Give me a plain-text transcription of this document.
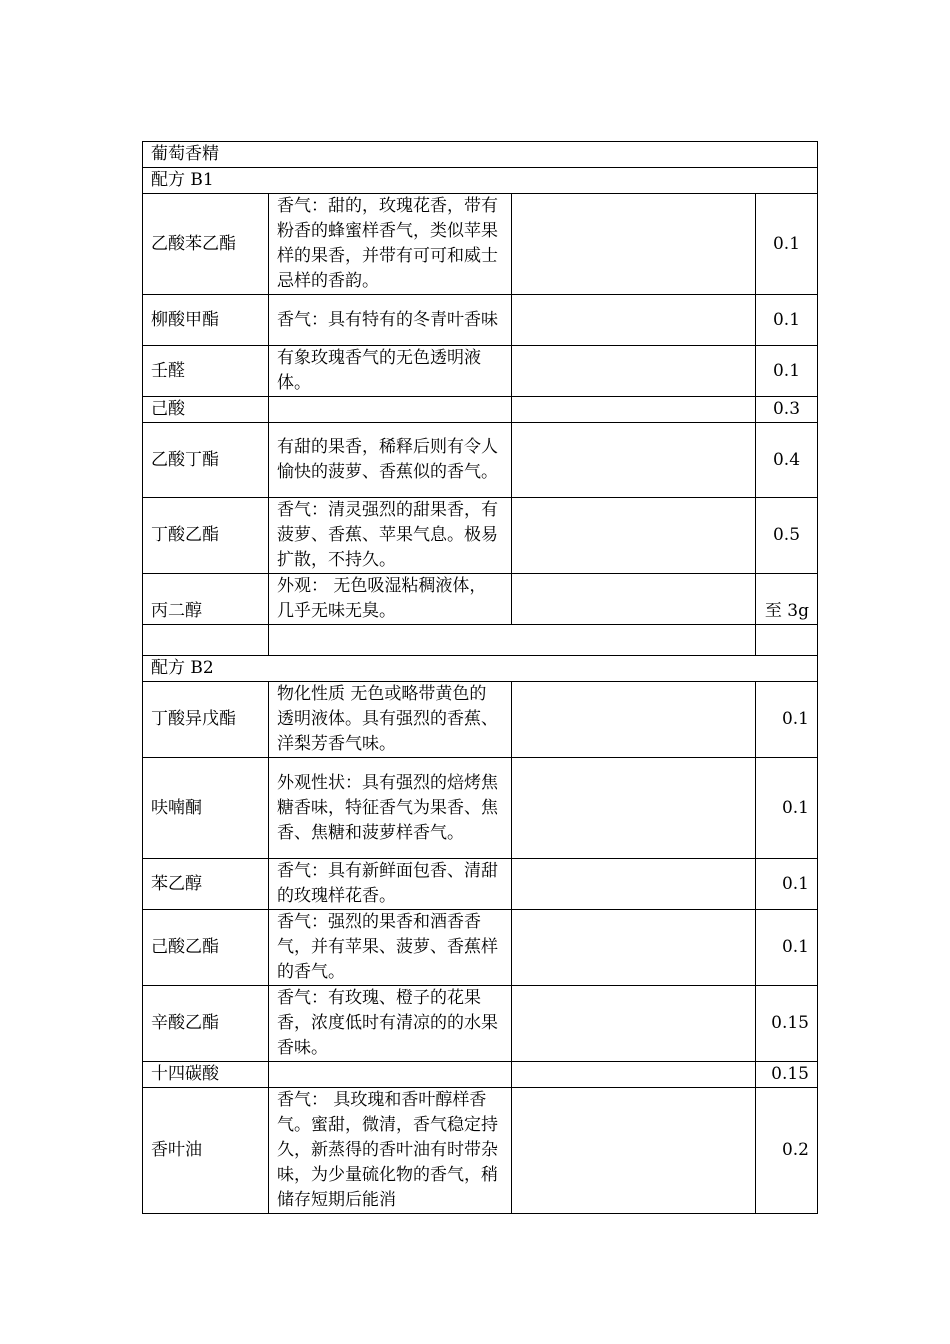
葡萄香精			
配方 B1			
乙酸苯乙酯	香气：甜的，玫瑰花香，带有粉香的蜂蜜样香气，类似苹果样的果香，并带有可可和威士忌样的香韵。		0.1
柳酸甲酯	香气：具有特有的冬青叶香味		0.1
壬醛	有象玫瑰香气的无色透明液体。		0.1
己酸			0.3
乙酸丁酯	有甜的果香，稀释后则有令人愉快的菠萝、香蕉似的香气。		0.4
丁酸乙酯	香气：清灵强烈的甜果香，有菠萝、香蕉、苹果气息。极易扩散，不持久。		0.5
丙二醇	外观： 无色吸湿粘稠液体，几乎无味无臭。		至 3g

配方 B2			
丁酸异戊酯	物化性质 无色或略带黄色的透明液体。具有强烈的香蕉、洋梨芳香气味。		0.1
呋喃酮	外观性状：具有强烈的焙烤焦糖香味，特征香气为果香、焦香、焦糖和菠萝样香气。		0.1
苯乙醇	香气：具有新鲜面包香、清甜的玫瑰样花香。		0.1
己酸乙酯	香气：强烈的果香和酒香香气，并有苹果、菠萝、香蕉样的香气。		0.1
辛酸乙酯	香气：有玫瑰、橙子的花果香，浓度低时有清凉的的水果香味。		0.15
十四碳酸			0.15
香叶油	香气： 具玫瑰和香叶醇样香气。蜜甜，微清，香气稳定持久，新蒸得的香叶油有时带杂味，为少量硫化物的香气，稍储存短期后能消		0.2
